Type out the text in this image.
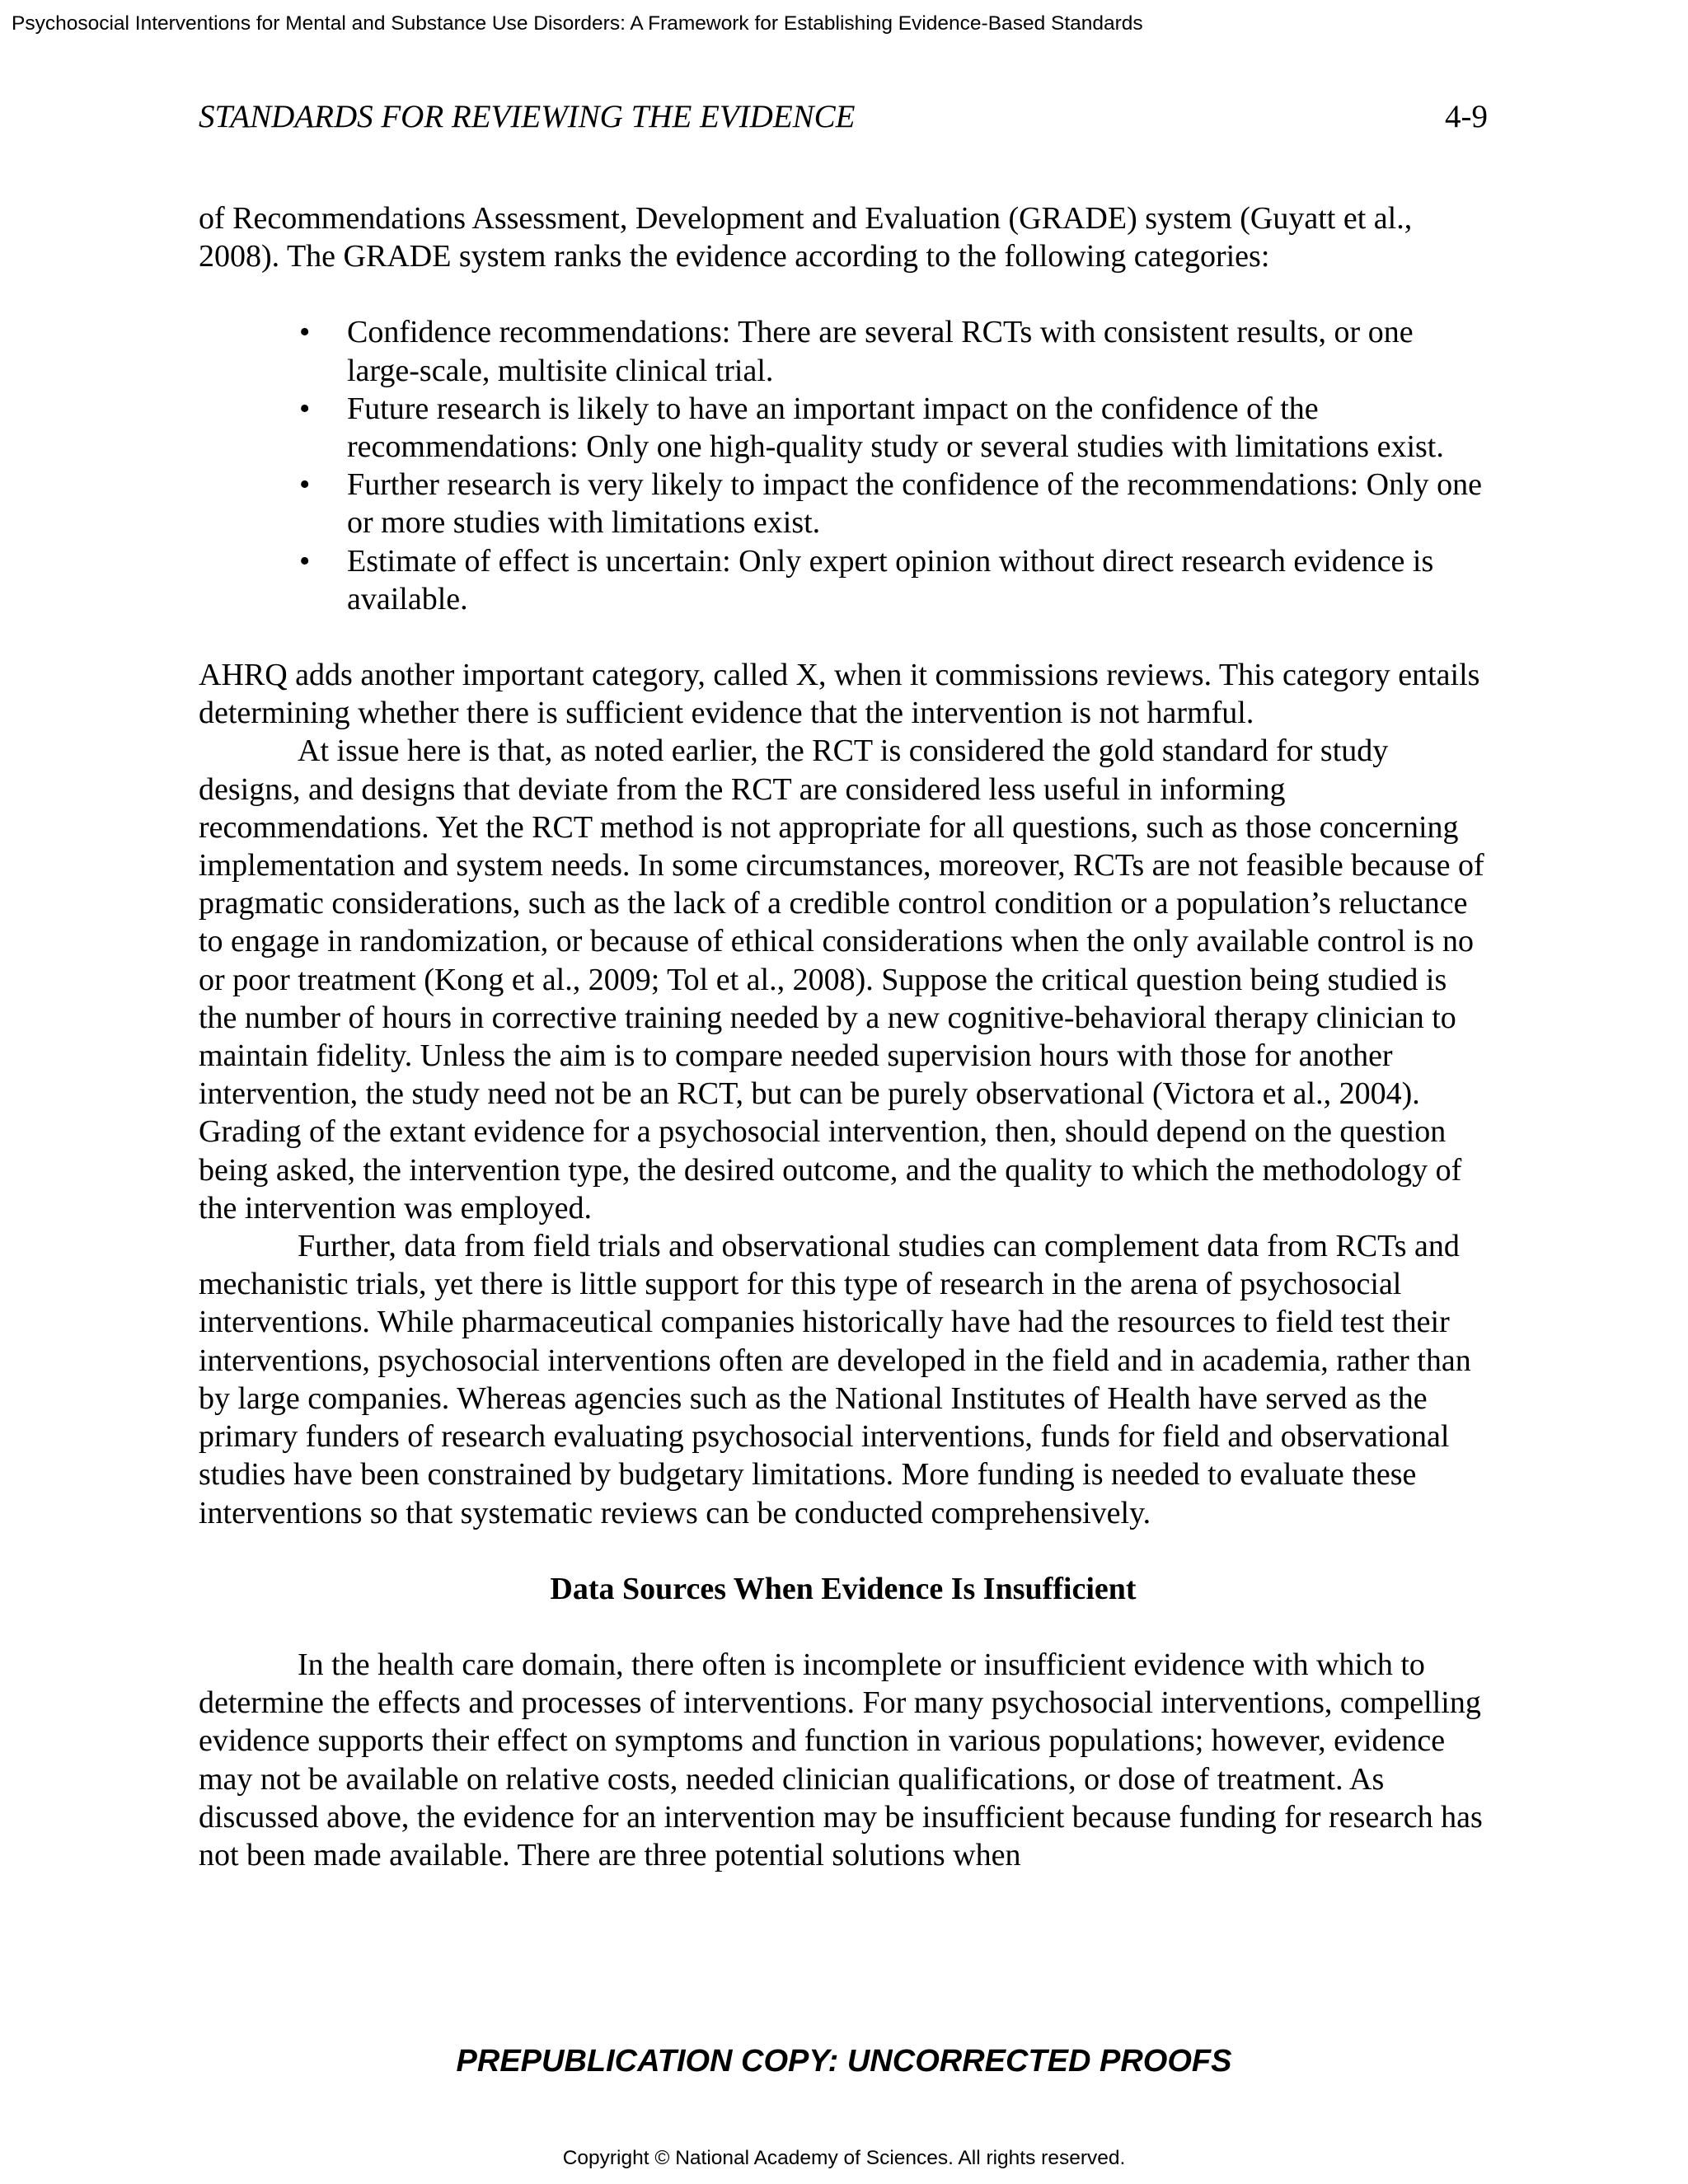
Psychosocial Interventions for Mental and Substance Use Disorders: A Framework for Establishing Evidence-Based Standards
STANDARDS FOR REVIEWING THE EVIDENCE	4-9

of Recommendations Assessment, Development and Evaluation (GRADE) system (Guyatt et al., 2008). The GRADE system ranks the evidence according to the following categories:

• Confidence recommendations: There are several RCTs with consistent results, or one large-scale, multisite clinical trial.
• Future research is likely to have an important impact on the confidence of the recommendations: Only one high-quality study or several studies with limitations exist.
• Further research is very likely to impact the confidence of the recommendations: Only one or more studies with limitations exist.
• Estimate of effect is uncertain: Only expert opinion without direct research evidence is available.

AHRQ adds another important category, called X, when it commissions reviews. This category entails determining whether there is sufficient evidence that the intervention is not harmful.

At issue here is that, as noted earlier, the RCT is considered the gold standard for study designs, and designs that deviate from the RCT are considered less useful in informing recommendations. Yet the RCT method is not appropriate for all questions, such as those concerning implementation and system needs. In some circumstances, moreover, RCTs are not feasible because of pragmatic considerations, such as the lack of a credible control condition or a population’s reluctance to engage in randomization, or because of ethical considerations when the only available control is no or poor treatment (Kong et al., 2009; Tol et al., 2008). Suppose the critical question being studied is the number of hours in corrective training needed by a new cognitive-behavioral therapy clinician to maintain fidelity. Unless the aim is to compare needed supervision hours with those for another intervention, the study need not be an RCT, but can be purely observational (Victora et al., 2004). Grading of the extant evidence for a psychosocial intervention, then, should depend on the question being asked, the intervention type, the desired outcome, and the quality to which the methodology of the intervention was employed.

Further, data from field trials and observational studies can complement data from RCTs and mechanistic trials, yet there is little support for this type of research in the arena of psychosocial interventions. While pharmaceutical companies historically have had the resources to field test their interventions, psychosocial interventions often are developed in the field and in academia, rather than by large companies. Whereas agencies such as the National Institutes of Health have served as the primary funders of research evaluating psychosocial interventions, funds for field and observational studies have been constrained by budgetary limitations. More funding is needed to evaluate these interventions so that systematic reviews can be conducted comprehensively.

Data Sources When Evidence Is Insufficient

In the health care domain, there often is incomplete or insufficient evidence with which to determine the effects and processes of interventions. For many psychosocial interventions, compelling evidence supports their effect on symptoms and function in various populations; however, evidence may not be available on relative costs, needed clinician qualifications, or dose of treatment. As discussed above, the evidence for an intervention may be insufficient because funding for research has not been made available. There are three potential solutions when

PREPUBLICATION COPY: UNCORRECTED PROOFS
Copyright © National Academy of Sciences. All rights reserved.
